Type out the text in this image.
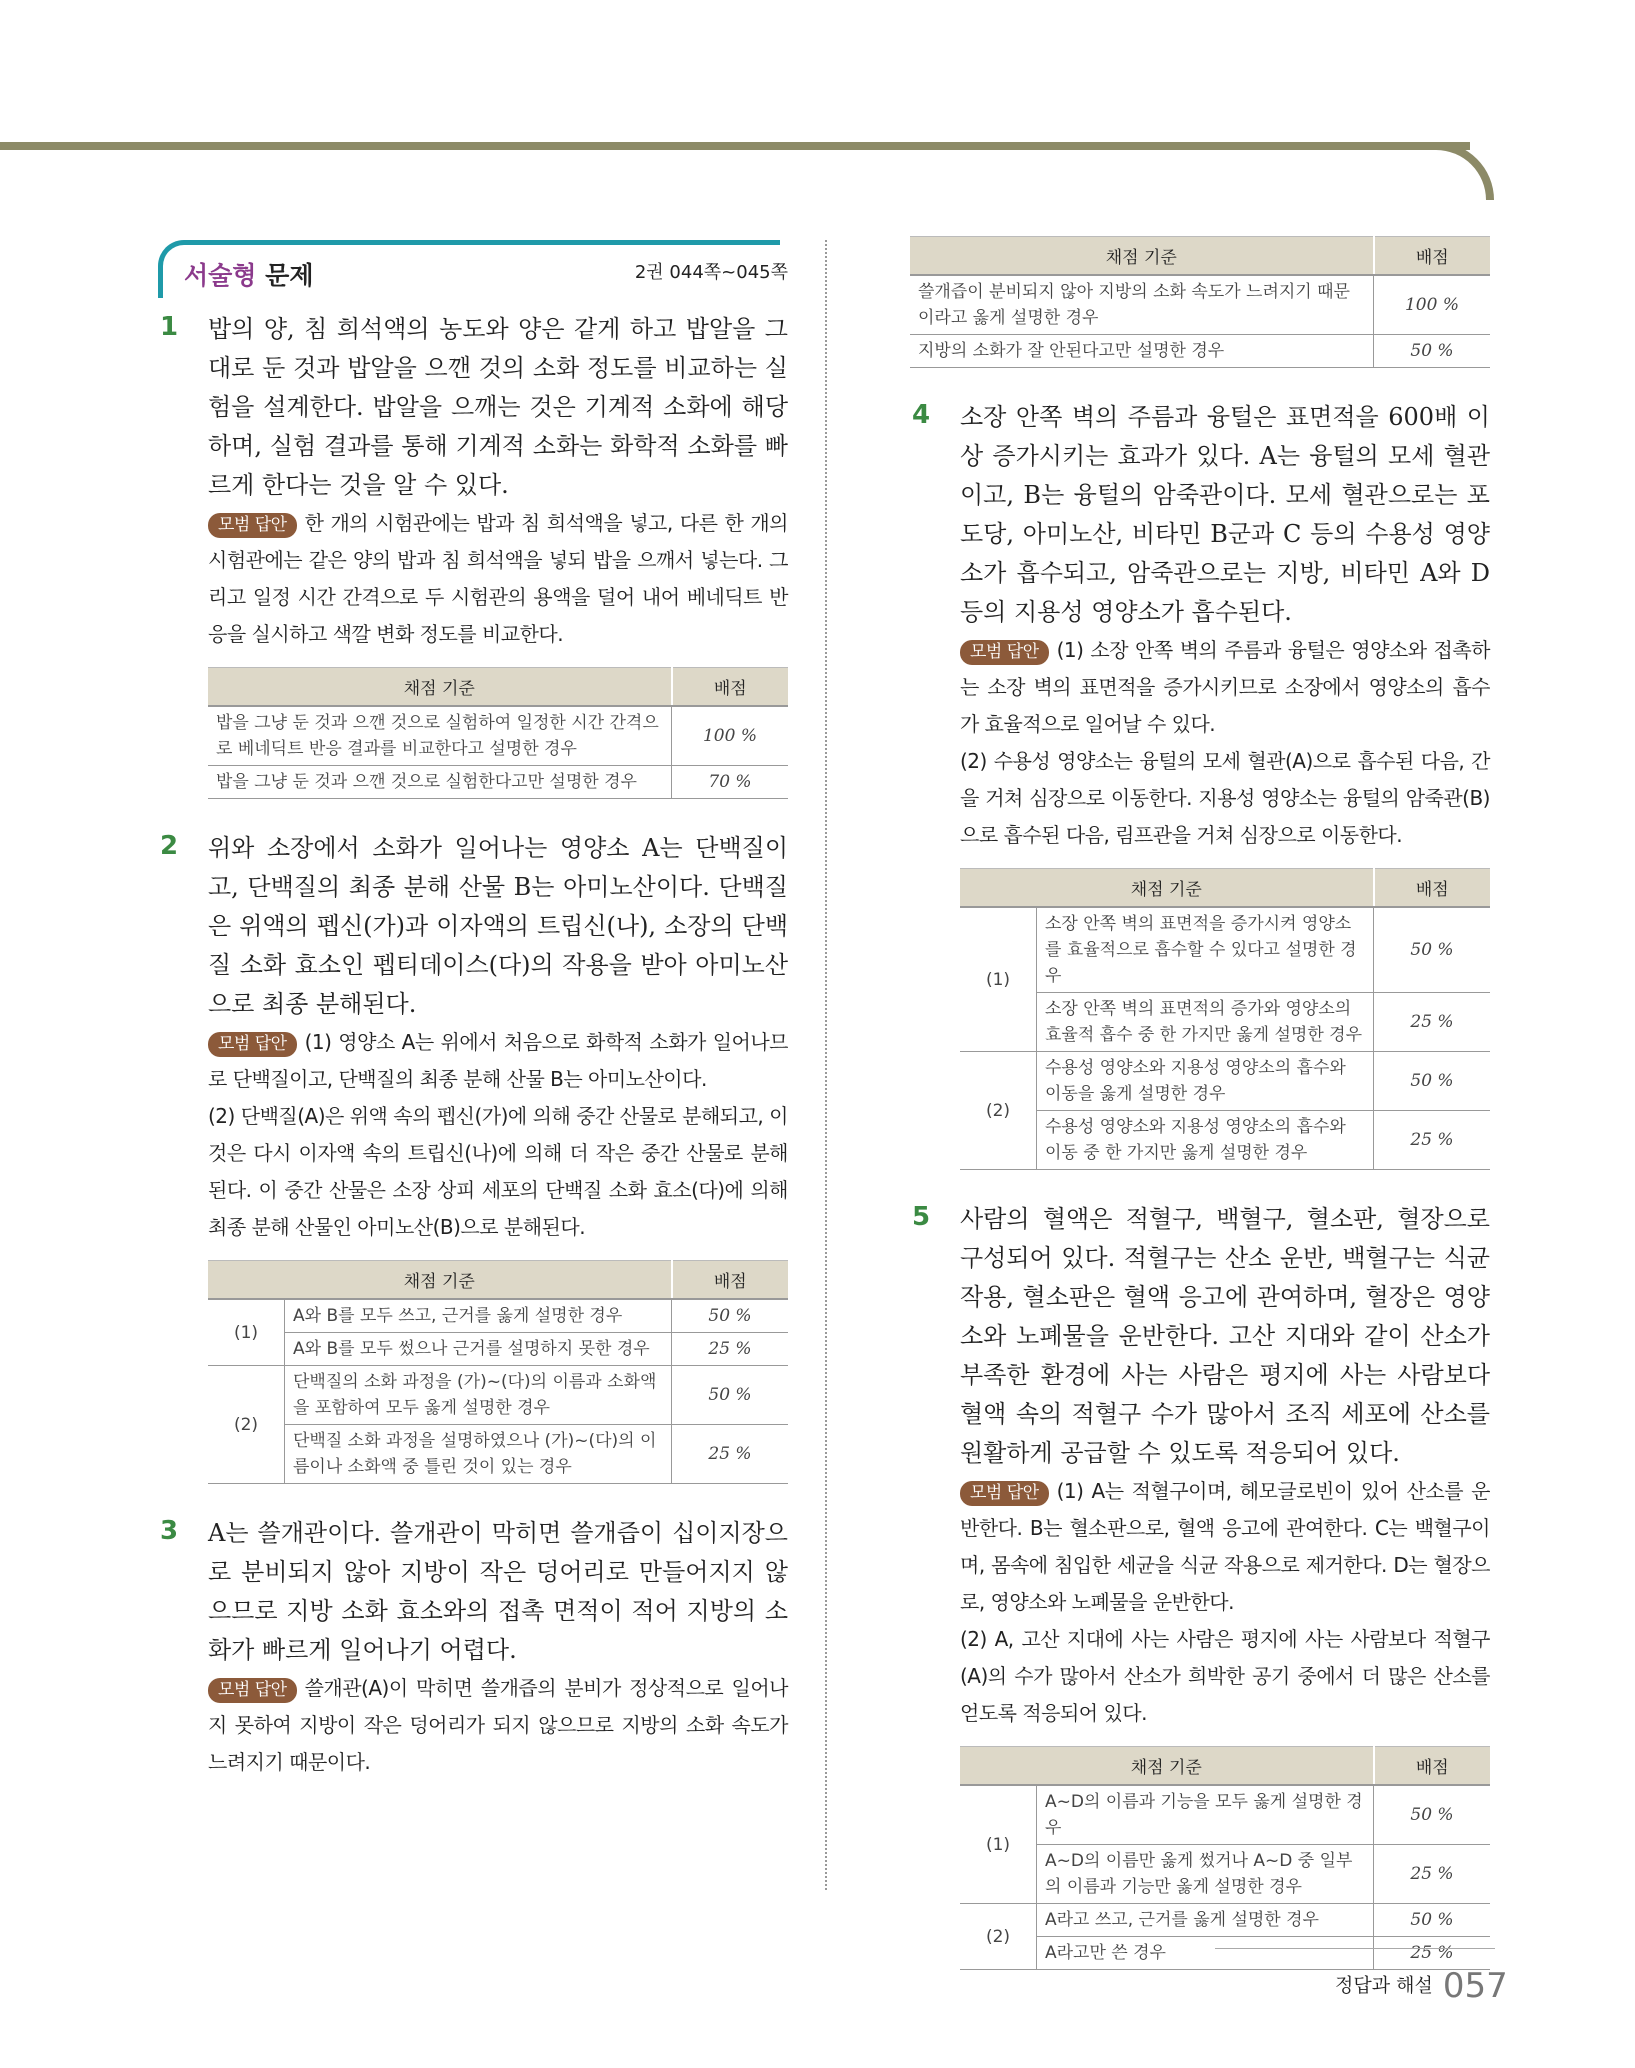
서술형 문제	2권 044쪽~045쪽
1 밥의 양, 침 희석액의 농도와 양은 같게 하고 밥알을 그대로 둔 것과 밥알을 으깬 것의 소화 정도를 비교하는 실험을 설계한다. 밥알을 으깨는 것은 기계적 소화에 해당하며, 실험 결과를 통해 기계적 소화는 화학적 소화를 빠르게 한다는 것을 알 수 있다.
모범 답안 한 개의 시험관에는 밥과 침 희석액을 넣고, 다른 한 개의 시험관에는 같은 양의 밥과 침 희석액을 넣되 밥을 으깨서 넣는다. 그리고 일정 시간 간격으로 두 시험관의 용액을 덜어 내어 베네딕트 반응을 실시하고 색깔 변화 정도를 비교한다.
채점 기준	배점
밥을 그냥 둔 것과 으깬 것으로 실험하여 일정한 시간 간격으로 베네딕트 반응 결과를 비교한다고 설명한 경우	100 %
밥을 그냥 둔 것과 으깬 것으로 실험한다고만 설명한 경우	70 %
2 위와 소장에서 소화가 일어나는 영양소 A는 단백질이고, 단백질의 최종 분해 산물 B는 아미노산이다. 단백질은 위액의 펩신(가)과 이자액의 트립신(나), 소장의 단백질 소화 효소인 펩티데이스(다)의 작용을 받아 아미노산으로 최종 분해된다.
모범 답안 (1) 영양소 A는 위에서 처음으로 화학적 소화가 일어나므로 단백질이고, 단백질의 최종 분해 산물 B는 아미노산이다.
(2) 단백질(A)은 위액 속의 펩신(가)에 의해 중간 산물로 분해되고, 이것은 다시 이자액 속의 트립신(나)에 의해 더 작은 중간 산물로 분해된다. 이 중간 산물은 소장 상피 세포의 단백질 소화 효소(다)에 의해 최종 분해 산물인 아미노산(B)으로 분해된다.
채점 기준		배점
(1)	A와 B를 모두 쓰고, 근거를 옳게 설명한 경우	50 %
	A와 B를 모두 썼으나 근거를 설명하지 못한 경우	25 %
(2)	단백질의 소화 과정을 (가)~(다)의 이름과 소화액을 포함하여 모두 옳게 설명한 경우	50 %
	단백질 소화 과정을 설명하였으나 (가)~(다)의 이름이나 소화액 중 틀린 것이 있는 경우	25 %
3 A는 쓸개관이다. 쓸개관이 막히면 쓸개즙이 십이지장으로 분비되지 않아 지방이 작은 덩어리로 만들어지지 않으므로 지방 소화 효소와의 접촉 면적이 적어 지방의 소화가 빠르게 일어나기 어렵다.
모범 답안 쓸개관(A)이 막히면 쓸개즙의 분비가 정상적으로 일어나지 못하여 지방이 작은 덩어리가 되지 않으므로 지방의 소화 속도가 느려지기 때문이다.
채점 기준	배점
쓸개즙이 분비되지 않아 지방의 소화 속도가 느려지기 때문이라고 옳게 설명한 경우	100 %
지방의 소화가 잘 안된다고만 설명한 경우	50 %
4 소장 안쪽 벽의 주름과 융털은 표면적을 600배 이상 증가시키는 효과가 있다. A는 융털의 모세 혈관이고, B는 융털의 암죽관이다. 모세 혈관으로는 포도당, 아미노산, 비타민 B군과 C 등의 수용성 영양소가 흡수되고, 암죽관으로는 지방, 비타민 A와 D 등의 지용성 영양소가 흡수된다.
모범 답안 (1) 소장 안쪽 벽의 주름과 융털은 영양소와 접촉하는 소장 벽의 표면적을 증가시키므로 소장에서 영양소의 흡수가 효율적으로 일어날 수 있다.
(2) 수용성 영양소는 융털의 모세 혈관(A)으로 흡수된 다음, 간을 거쳐 심장으로 이동한다. 지용성 영양소는 융털의 암죽관(B)으로 흡수된 다음, 림프관을 거쳐 심장으로 이동한다.
채점 기준		배점
(1)	소장 안쪽 벽의 표면적을 증가시켜 영양소를 효율적으로 흡수할 수 있다고 설명한 경우	50 %
	소장 안쪽 벽의 표면적의 증가와 영양소의 효율적 흡수 중 한 가지만 옳게 설명한 경우	25 %
(2)	수용성 영양소와 지용성 영양소의 흡수와 이동을 옳게 설명한 경우	50 %
	수용성 영양소와 지용성 영양소의 흡수와 이동 중 한 가지만 옳게 설명한 경우	25 %
5 사람의 혈액은 적혈구, 백혈구, 혈소판, 혈장으로 구성되어 있다. 적혈구는 산소 운반, 백혈구는 식균 작용, 혈소판은 혈액 응고에 관여하며, 혈장은 영양소와 노폐물을 운반한다. 고산 지대와 같이 산소가 부족한 환경에 사는 사람은 평지에 사는 사람보다 혈액 속의 적혈구 수가 많아서 조직 세포에 산소를 원활하게 공급할 수 있도록 적응되어 있다.
모범 답안 (1) A는 적혈구이며, 헤모글로빈이 있어 산소를 운반한다. B는 혈소판으로, 혈액 응고에 관여한다. C는 백혈구이며, 몸속에 침입한 세균을 식균 작용으로 제거한다. D는 혈장으로, 영양소와 노폐물을 운반한다.
(2) A, 고산 지대에 사는 사람은 평지에 사는 사람보다 적혈구(A)의 수가 많아서 산소가 희박한 공기 중에서 더 많은 산소를 얻도록 적응되어 있다.
채점 기준		배점
(1)	A~D의 이름과 기능을 모두 옳게 설명한 경우	50 %
	A~D의 이름만 옳게 썼거나 A~D 중 일부의 이름과 기능만 옳게 설명한 경우	25 %
(2)	A라고 쓰고, 근거를 옳게 설명한 경우	50 %
	A라고만 쓴 경우	25 %
정답과 해설 057
